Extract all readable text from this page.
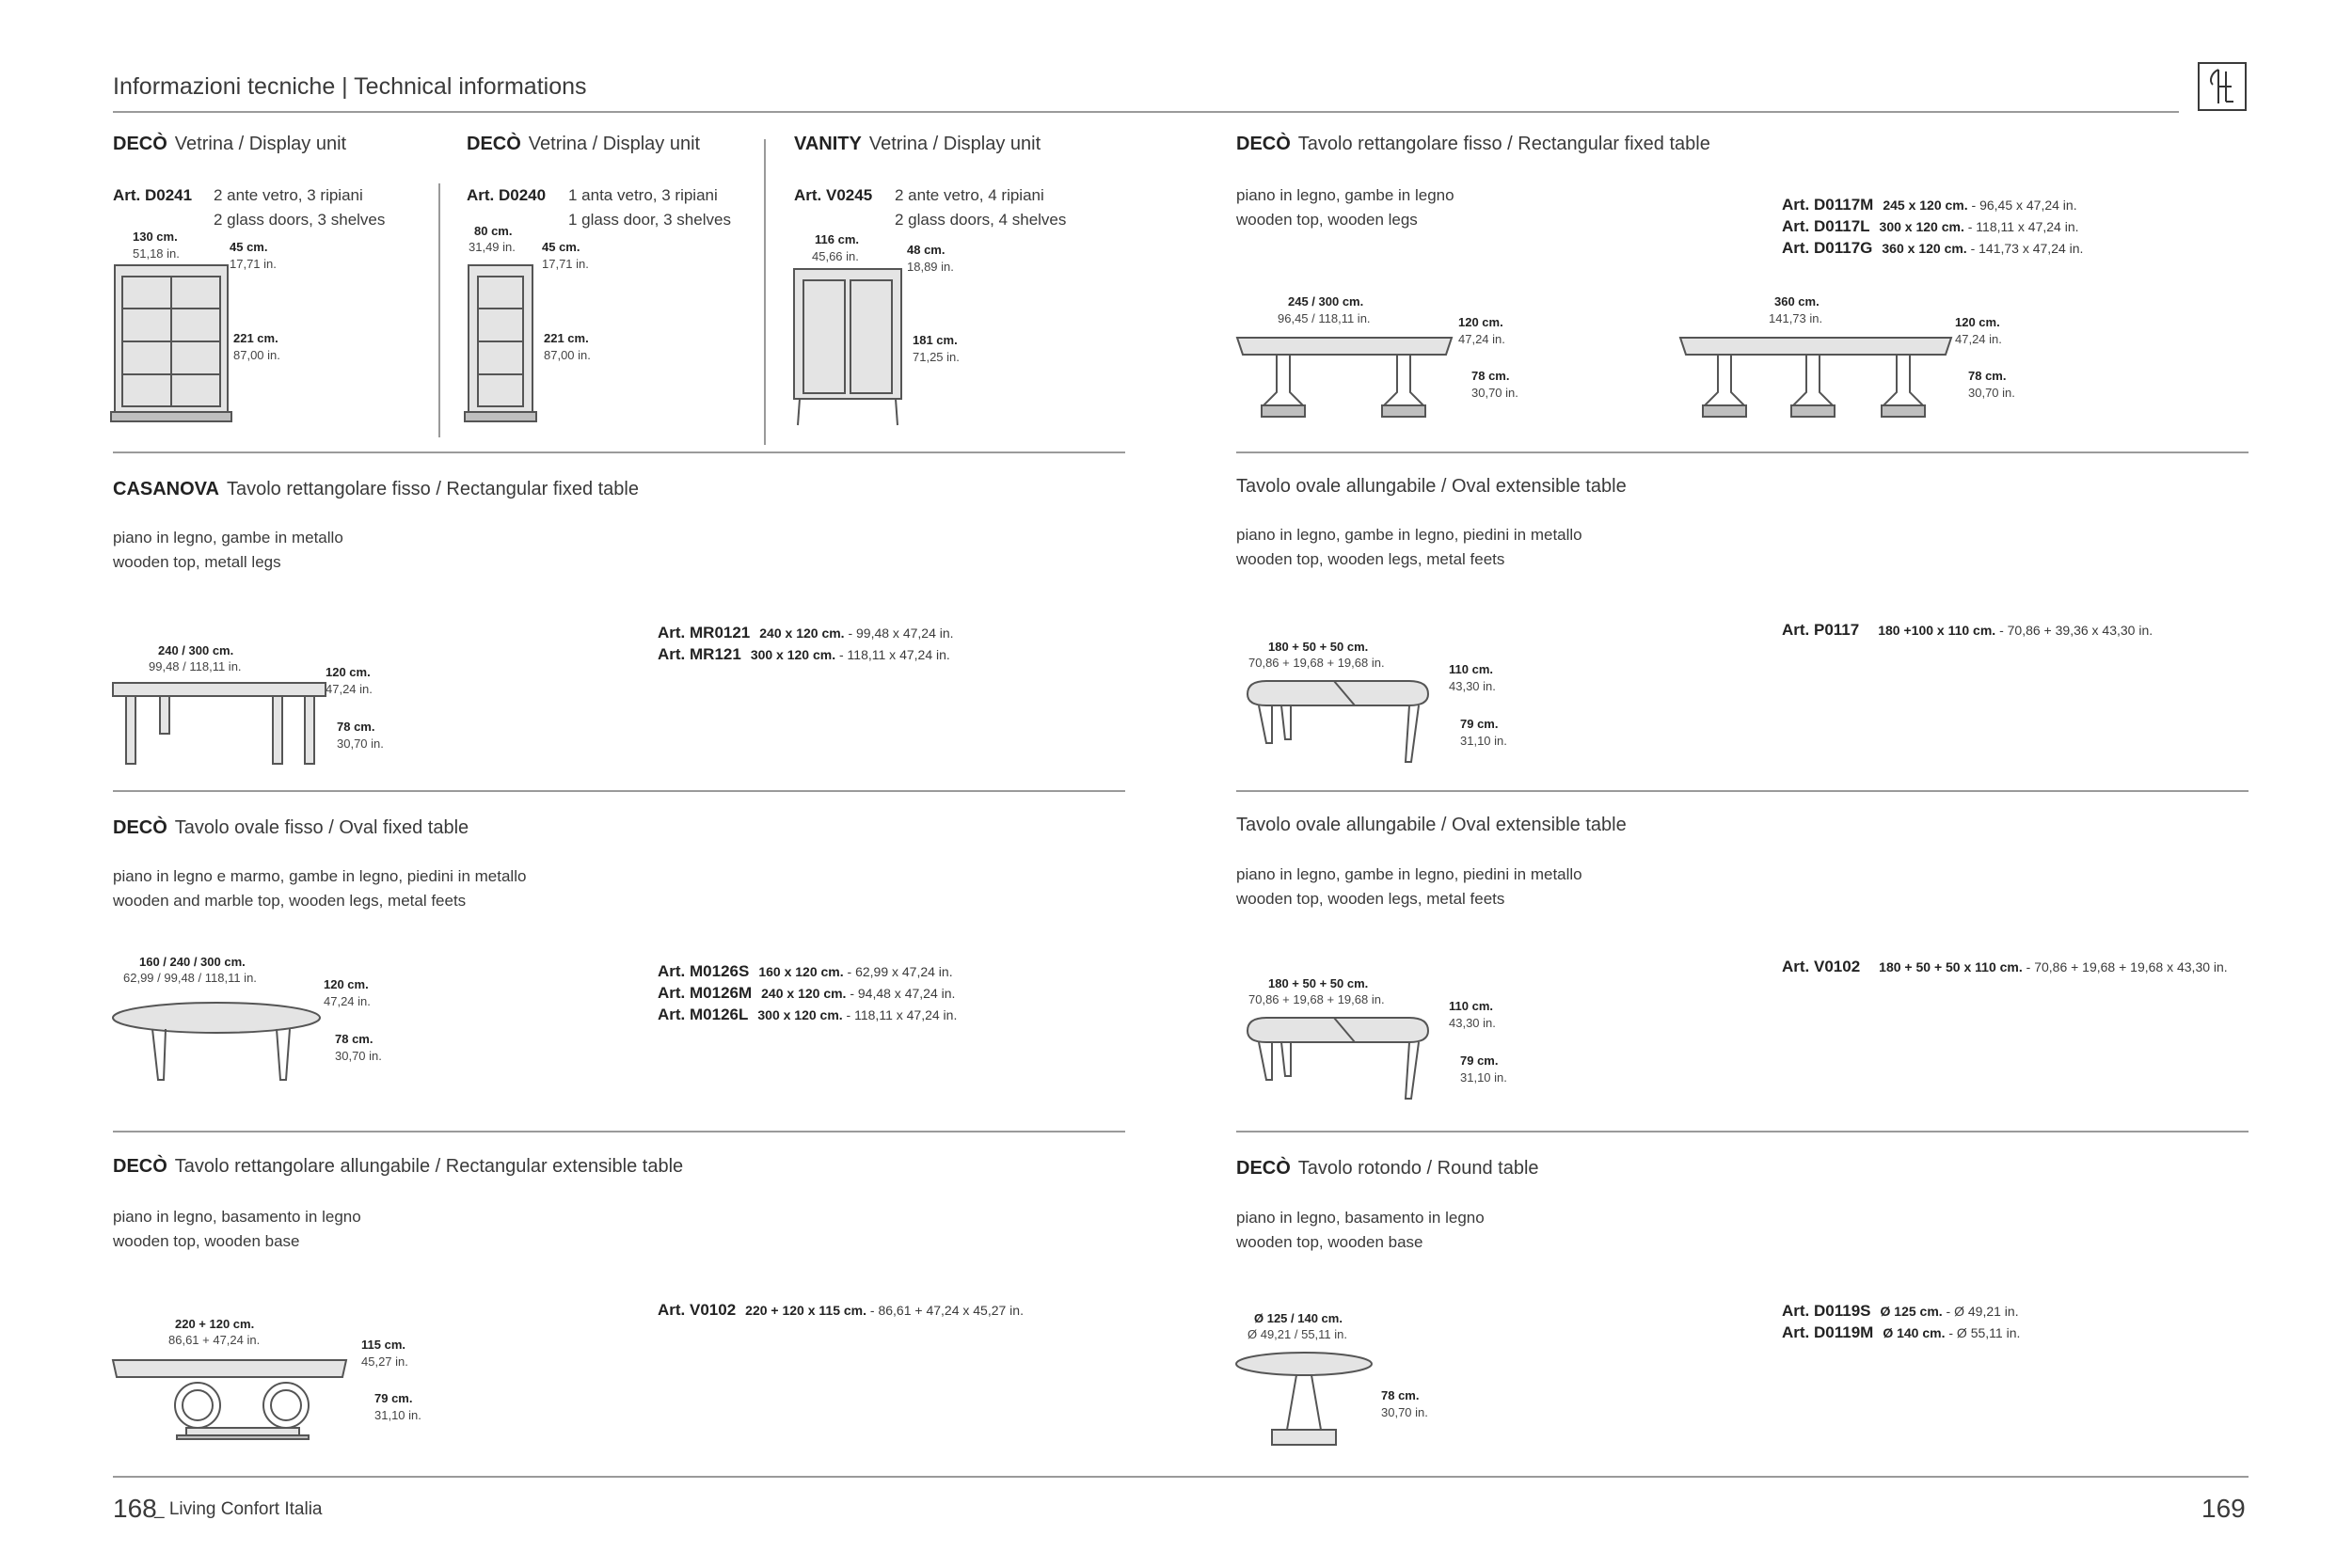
Informazioni tecniche | Technical informations
DECÒ Vetrina / Display unit
Art. D0241 2 ante vetro, 3 ripiani
2 glass doors, 3 shelves
130 cm.
51,18 in.	45 cm.
17,71 in.
221 cm.
87,00 in.
DECÒ Vetrina / Display unit
Art. D0240 1 anta vetro, 3 ripiani
1 glass door, 3 shelves
80 cm.
31,49 in. 45 cm.
17,71 in.
221 cm.
87,00 in.
VANITY Vetrina / Display unit
Art. V0245 2 ante vetro, 4 ripiani
2 glass doors, 4 shelves
116 cm.
45,66 in.	48 cm.
18,89 in.
181 cm.
71,25 in.
CASANOVA Tavolo rettangolare fisso / Rectangular fixed table
piano in legno, gambe in metallo
wooden top, metall legs
240 / 300 cm.
99,48 / 118,11 in.	120 cm.
47,24 in.
78 cm.
30,70 in.
Art. MR0121 240 x 120 cm. - 99,48 x 47,24 in.
Art. MR121 300 x 120 cm. - 118,11 x 47,24 in.
DECÒ Tavolo ovale fisso / Oval fixed table
piano in legno e marmo, gambe in legno, piedini in metallo
wooden and marble top, wooden legs, metal feets
160 / 240 / 300 cm.
62,99 / 99,48 / 118,11 in.	120 cm.
47,24 in.
78 cm.
30,70 in.
Art. M0126S 160 x 120 cm. - 62,99 x 47,24 in.
Art. M0126M 240 x 120 cm. - 94,48 x 47,24 in.
Art. M0126L 300 x 120 cm. - 118,11 x 47,24 in.
DECÒ Tavolo rettangolare allungabile / Rectangular extensible table
piano in legno, basamento in legno
wooden top, wooden base
220 + 120 cm.
86,61 + 47,24 in.	115 cm.
45,27 in.
79 cm.
31,10 in.
Art. V0102 220 + 120 x 115 cm. - 86,61 + 47,24 x 45,27 in.
DECÒ Tavolo rettangolare fisso / Rectangular fixed table
piano in legno, gambe in legno
wooden top, wooden legs
Art. D0117M 245 x 120 cm. - 96,45 x 47,24 in.
Art. D0117L 300 x 120 cm. - 118,11 x 47,24 in.
Art. D0117G 360 x 120 cm. - 141,73 x 47,24 in.
245 / 300 cm.
96,45 / 118,11 in.	120 cm.
47,24 in.
78 cm.
30,70 in.
360 cm.
141,73 in.	120 cm.
47,24 in.
78 cm.
30,70 in.
Tavolo ovale allungabile / Oval extensible table
piano in legno, gambe in legno, piedini in metallo
wooden top, wooden legs, metal feets
Art. P0117 180 +100 x 110 cm. - 70,86 + 39,36 x 43,30 in.
180 + 50 + 50 cm.
70,86 + 19,68 + 19,68 in.	110 cm.
43,30 in.
79 cm.
31,10 in.
Tavolo ovale allungabile / Oval extensible table
piano in legno, gambe in legno, piedini in metallo
wooden top, wooden legs, metal feets
Art. V0102 180 + 50 + 50 x 110 cm. - 70,86 + 19,68 + 19,68 x 43,30 in.
180 + 50 + 50 cm.
70,86 + 19,68 + 19,68 in.	110 cm.
43,30 in.
79 cm.
31,10 in.
DECÒ Tavolo rotondo / Round table
piano in legno, basamento in legno
wooden top, wooden base
Art. D0119S Ø 125 cm. - Ø 49,21 in.
Art. D0119M Ø 140 cm. - Ø 55,11 in.
Ø 125 / 140 cm.
Ø 49,21 / 55,11 in.
78 cm.
30,70 in.
168
_ Living Confort Italia	169
